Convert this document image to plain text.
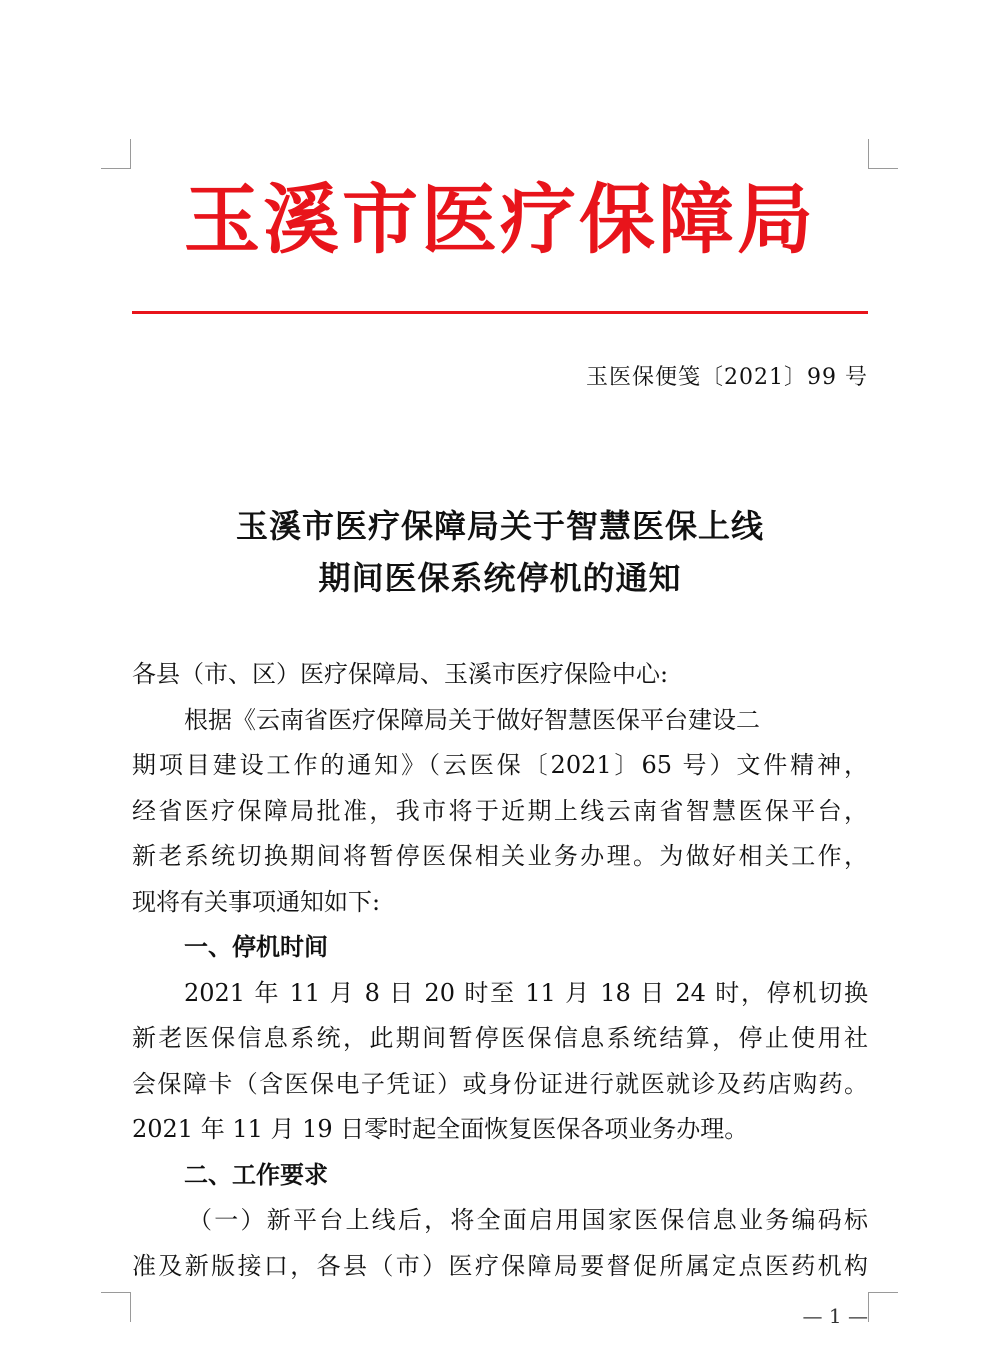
玉溪市医疗保障局
玉医保便笺〔2021〕99 号
玉溪市医疗保障局关于智慧医保上线
期间医保系统停机的通知
各县（市、区）医疗保障局、玉溪市医疗保险中心:
根据《云南省医疗保障局关于做好智慧医保平台建设二
期项目建设工作的通知》（云医保〔2021〕65 号）文件精神，
经省医疗保障局批准，我市将于近期上线云南省智慧医保平台，
新老系统切换期间将暂停医保相关业务办理。为做好相关工作，
现将有关事项通知如下:
一、停机时间
2021 年 11 月 8 日 20 时至 11 月 18 日 24 时，停机切换
新老医保信息系统，此期间暂停医保信息系统结算，停止使用社
会保障卡（含医保电子凭证）或身份证进行就医就诊及药店购药。
2021 年 11 月 19 日零时起全面恢复医保各项业务办理。
二、工作要求
（一）新平台上线后，将全面启用国家医保信息业务编码标
准及新版接口，各县（市）医疗保障局要督促所属定点医药机构
— 1 —
